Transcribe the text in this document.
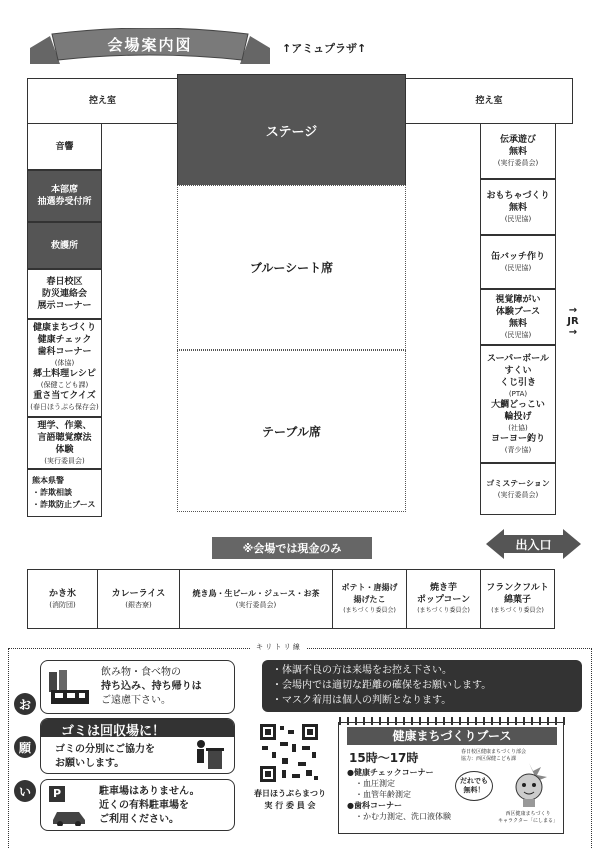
会場案内図	↑アミュプラザ↑
控え室
ステージ
控え室
ブルーシート席
テーブル席
音響
本部席
抽選券受付所
救護所
春日校区
防災連絡会
展示コーナー
健康まちづくり
健康チェック
歯科コーナー
(体協)
郷土料理レシピ
(保健こども課)
重さ当てクイズ
(春日ほうぷら保存会)
理学、作業、
言語聴覚療法
体験
(実行委員会)
熊本県警
・詐欺相談
・詐欺防止ブース
伝承遊び
無料
(実行委員会)
おもちゃづくり
無料
(民児協)
缶バッチ作り
(民児協)
視覚障がい
体験ブース
無料
(民児協)
スーパーボール
すくい
くじ引き
(PTA)
大鯛どっこい
輪投げ
(社協)
ヨーヨー釣り
(青少協)
ゴミステーション
(実行委員会)
→
JR
→
※会場では現金のみ	出入口
かき氷
(消防団)
カレーライス
(銀杏寮)
焼き鳥・生ビール・ジュース・お茶
(実行委員会)
ポテト・唐揚げ
揚げたこ
(まちづくり委員会)
焼き芋
ポップコーン
(まちづくり委員会)
フランクフルト
綿菓子
(まちづくり委員会)
キ リ ト リ 線
お
願
い
飲み物・食べ物の
持ち込み、持ち帰りは
ご遠慮下さい。
ゴミは回収場に！
ゴミの分別にご協力を
お願いします。
P	駐車場はありません。
近くの有料駐車場を
ご利用ください。
・体調不良の方は来場をお控え下さい。
・会場内では適切な距離の確保をお願いします。
・マスク着用は個人の判断となります。
春日ほうぷらまつり
実 行 委 員 会
健康まちづくりブース
15時～17時	春日校区健康まちづくり部会
協力：西区保健こども課
●健康チェックコーナー
・血圧測定
・血管年齢測定
●歯科コーナー
・かむ力測定、洗口液体験
だれでも
無料！
西区健康まちづくり
キャラクター「にしまる」
